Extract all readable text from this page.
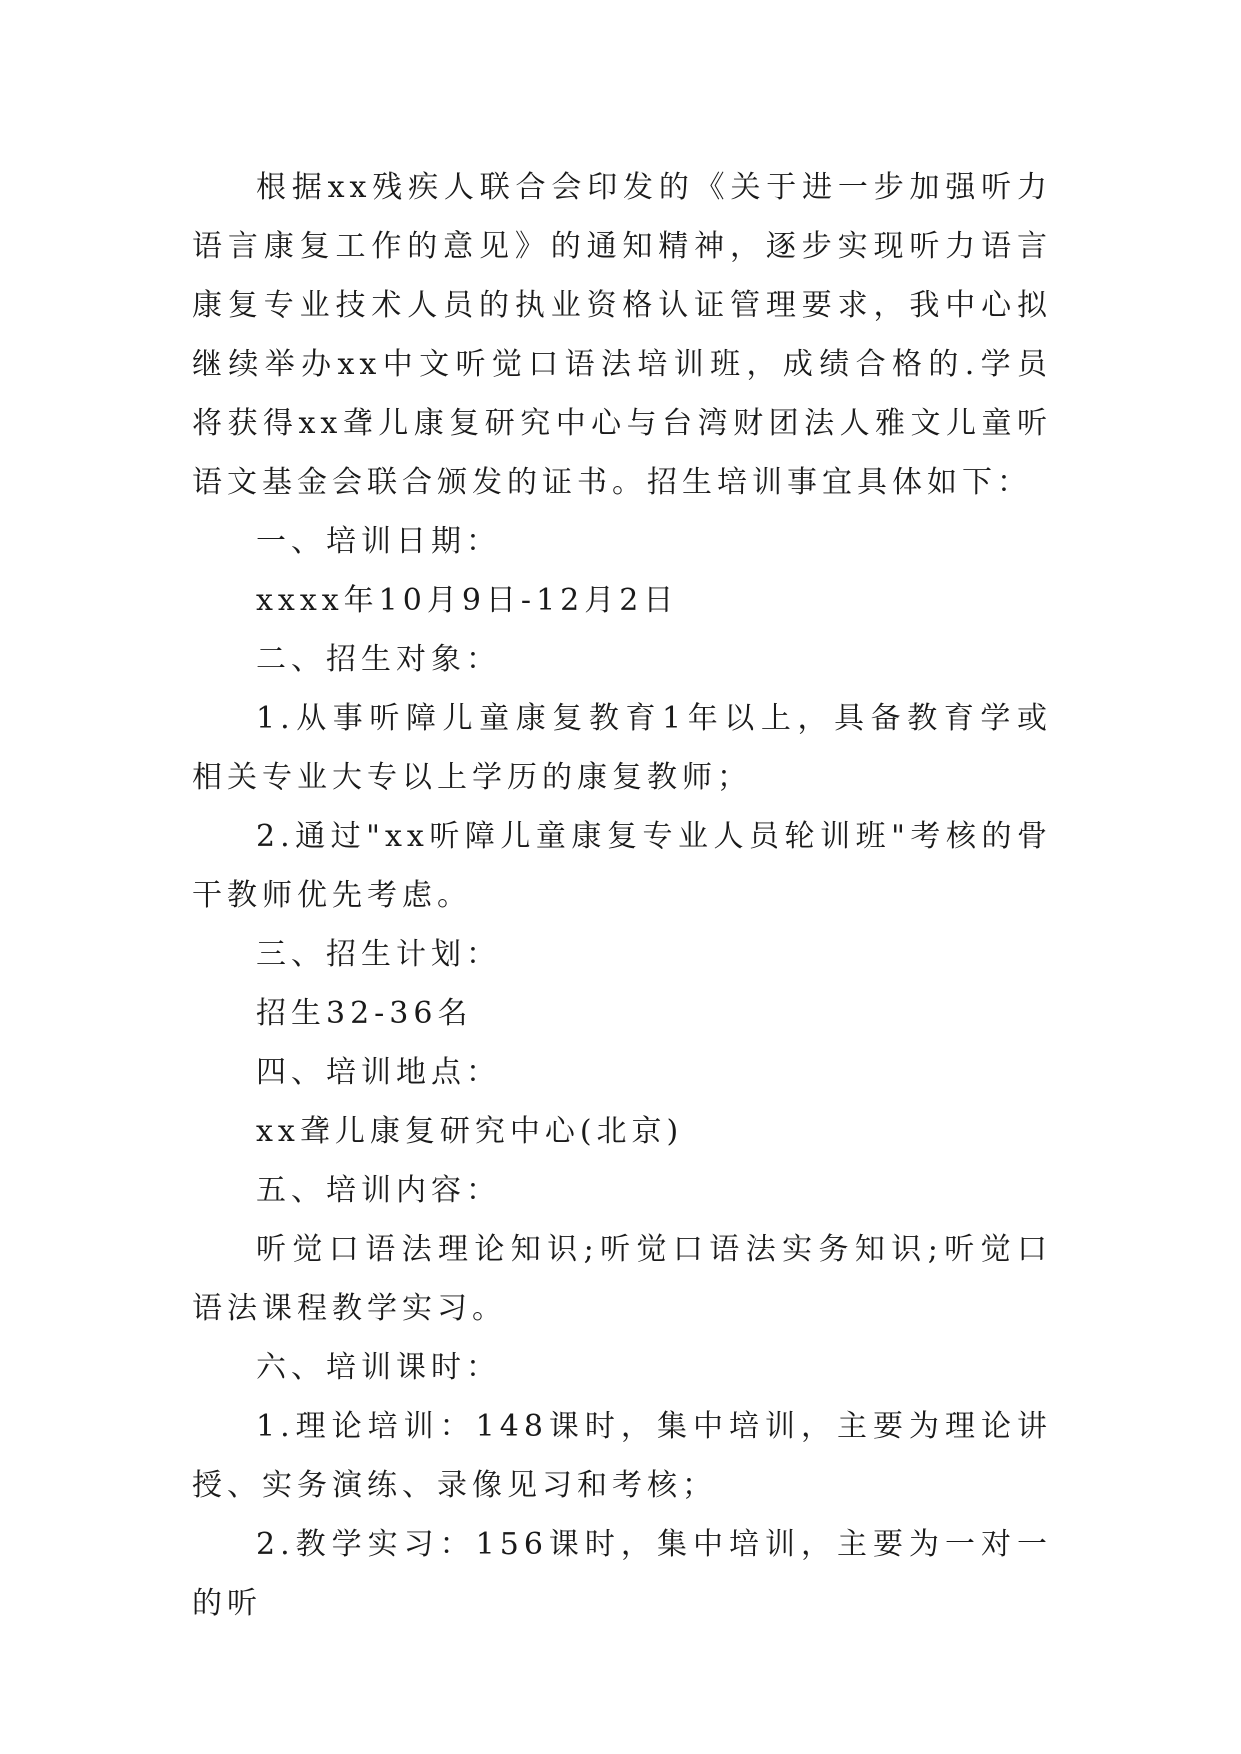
根据xx残疾人联合会印发的《关于进一步加强听力语言康复工作的意见》的通知精神，逐步实现听力语言康复专业技术人员的执业资格认证管理要求，我中心拟继续举办xx中文听觉口语法培训班，成绩合格的.学员将获得xx聋儿康复研究中心与台湾财团法人雅文儿童听语文基金会联合颁发的证书。招生培训事宜具体如下：

一、培训日期：

xxxx年10月9日-12月2日

二、招生对象：

1.从事听障儿童康复教育1年以上，具备教育学或相关专业大专以上学历的康复教师；

2.通过"xx听障儿童康复专业人员轮训班"考核的骨干教师优先考虑。

三、招生计划：

招生32-36名

四、培训地点：

xx聋儿康复研究中心(北京)

五、培训内容：

听觉口语法理论知识;听觉口语法实务知识;听觉口语法课程教学实习。

六、培训课时：

1.理论培训：148课时，集中培训，主要为理论讲授、实务演练、录像见习和考核；

2.教学实习：156课时，集中培训，主要为一对一的听
